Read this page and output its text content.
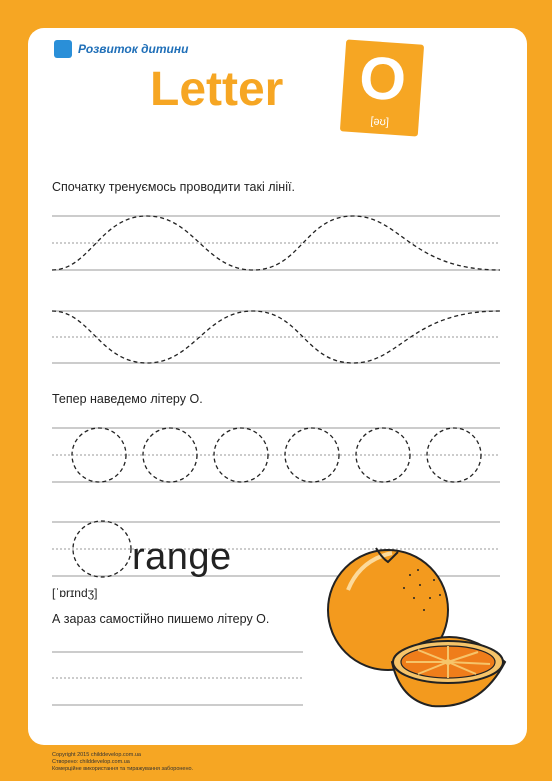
Розвиток дитини
Letter O
[əʊ]
Спочатку тренуємось проводити такі лінії.
Тепер наведемо літеру О.
А зараз самостійно пишемо літеру О.
range
[ˈɒrɪndʒ]
Copyright 2015 childdevelop.com.ua
Створено: childdevelop.com.ua
Комерційне використання та тиражування заборонено.
